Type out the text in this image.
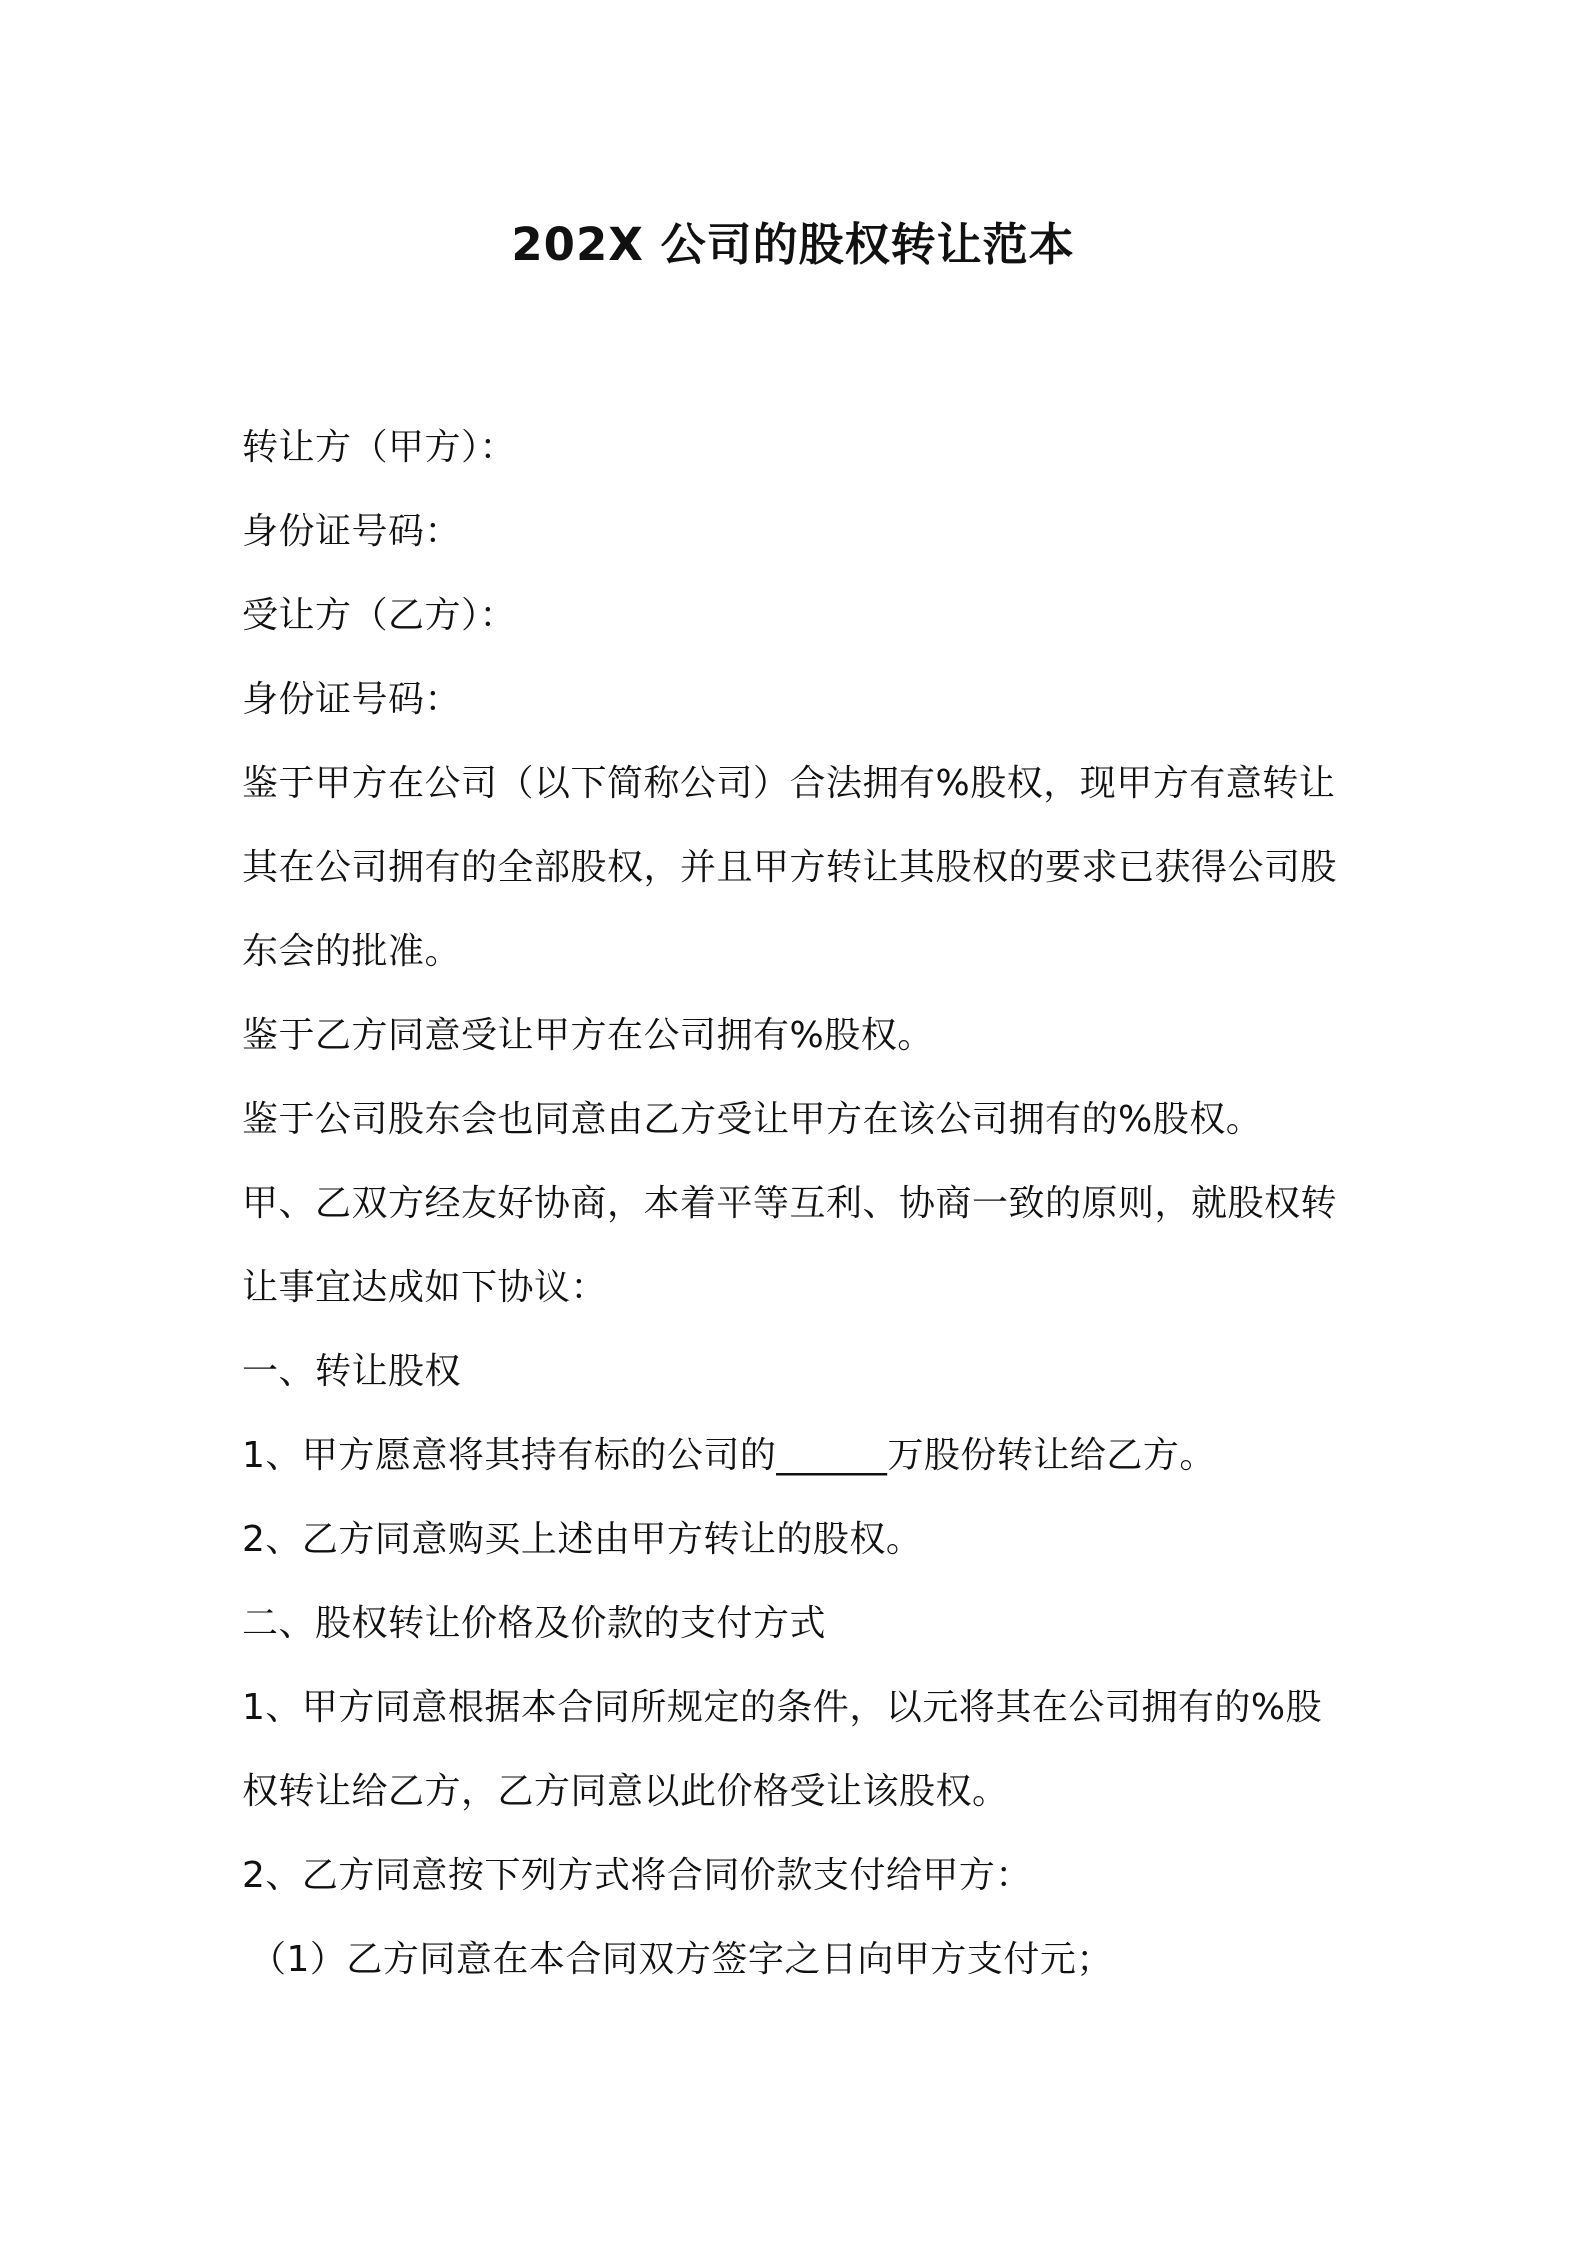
202X 公司的股权转让范本
转让方（甲方）：
身份证号码：
受让方（乙方）：
身份证号码：
鉴于甲方在公司（以下简称公司）合法拥有%股权，现甲方有意转让
其在公司拥有的全部股权，并且甲方转让其股权的要求已获得公司股
东会的批准。
鉴于乙方同意受让甲方在公司拥有%股权。
鉴于公司股东会也同意由乙方受让甲方在该公司拥有的%股权。
甲、乙双方经友好协商，本着平等互利、协商一致的原则，就股权转
让事宜达成如下协议：
一、转让股权
1、甲方愿意将其持有标的公司的______万股份转让给乙方。
2、乙方同意购买上述由甲方转让的股权。
二、股权转让价格及价款的支付方式
1、甲方同意根据本合同所规定的条件，以元将其在公司拥有的%股
权转让给乙方，乙方同意以此价格受让该股权。
2、乙方同意按下列方式将合同价款支付给甲方：
（1）乙方同意在本合同双方签字之日向甲方支付元；
